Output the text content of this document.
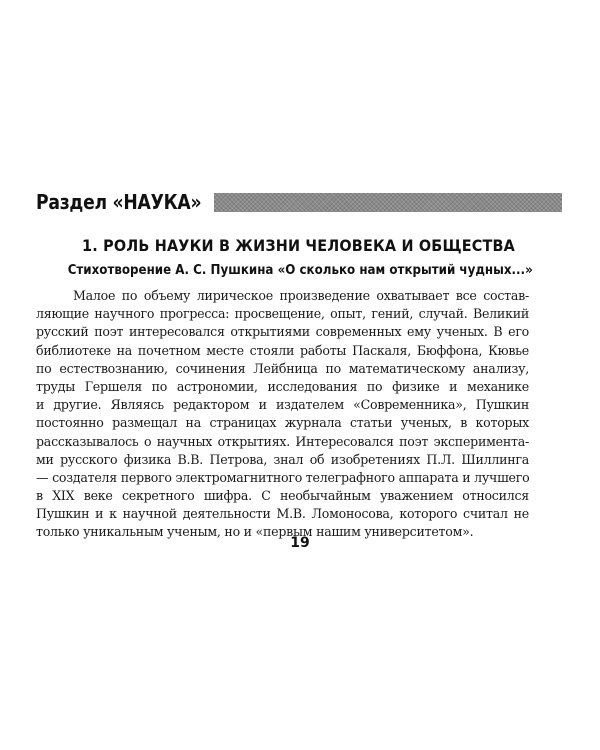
Раздел «НАУКА»
1. РОЛЬ НАУКИ В ЖИЗНИ ЧЕЛОВЕКА И ОБЩЕСТВА
Стихотворение А. С. Пушкина «О сколько нам открытий чудных...»
Малое по объему лирическое произведение охватывает все состав-
ляющие научного прогресса: просвещение, опыт, гений, случай. Великий
русский поэт интересовался открытиями современных ему ученых. В его
библиотеке на почетном месте стояли работы Паскаля, Бюффона, Кювье
по естествознанию, сочинения Лейбница по математическому анализу,
труды Гершеля по астрономии, исследования по физике и механике
и другие. Являясь редактором и издателем «Современника», Пушкин
постоянно размещал на страницах журнала статьи ученых, в которых
рассказывалось о научных открытиях. Интересовался поэт эксперимента-
ми русского физика В.В. Петрова, знал об изобретениях П.Л. Шиллинга
— создателя первого электромагнитного телеграфного аппарата и лучшего
в XIX веке секретного шифра. С необычайным уважением относился
Пушкин и к научной деятельности М.В. Ломоносова, которого считал не
только уникальным ученым, но и «первым нашим университетом».
19
